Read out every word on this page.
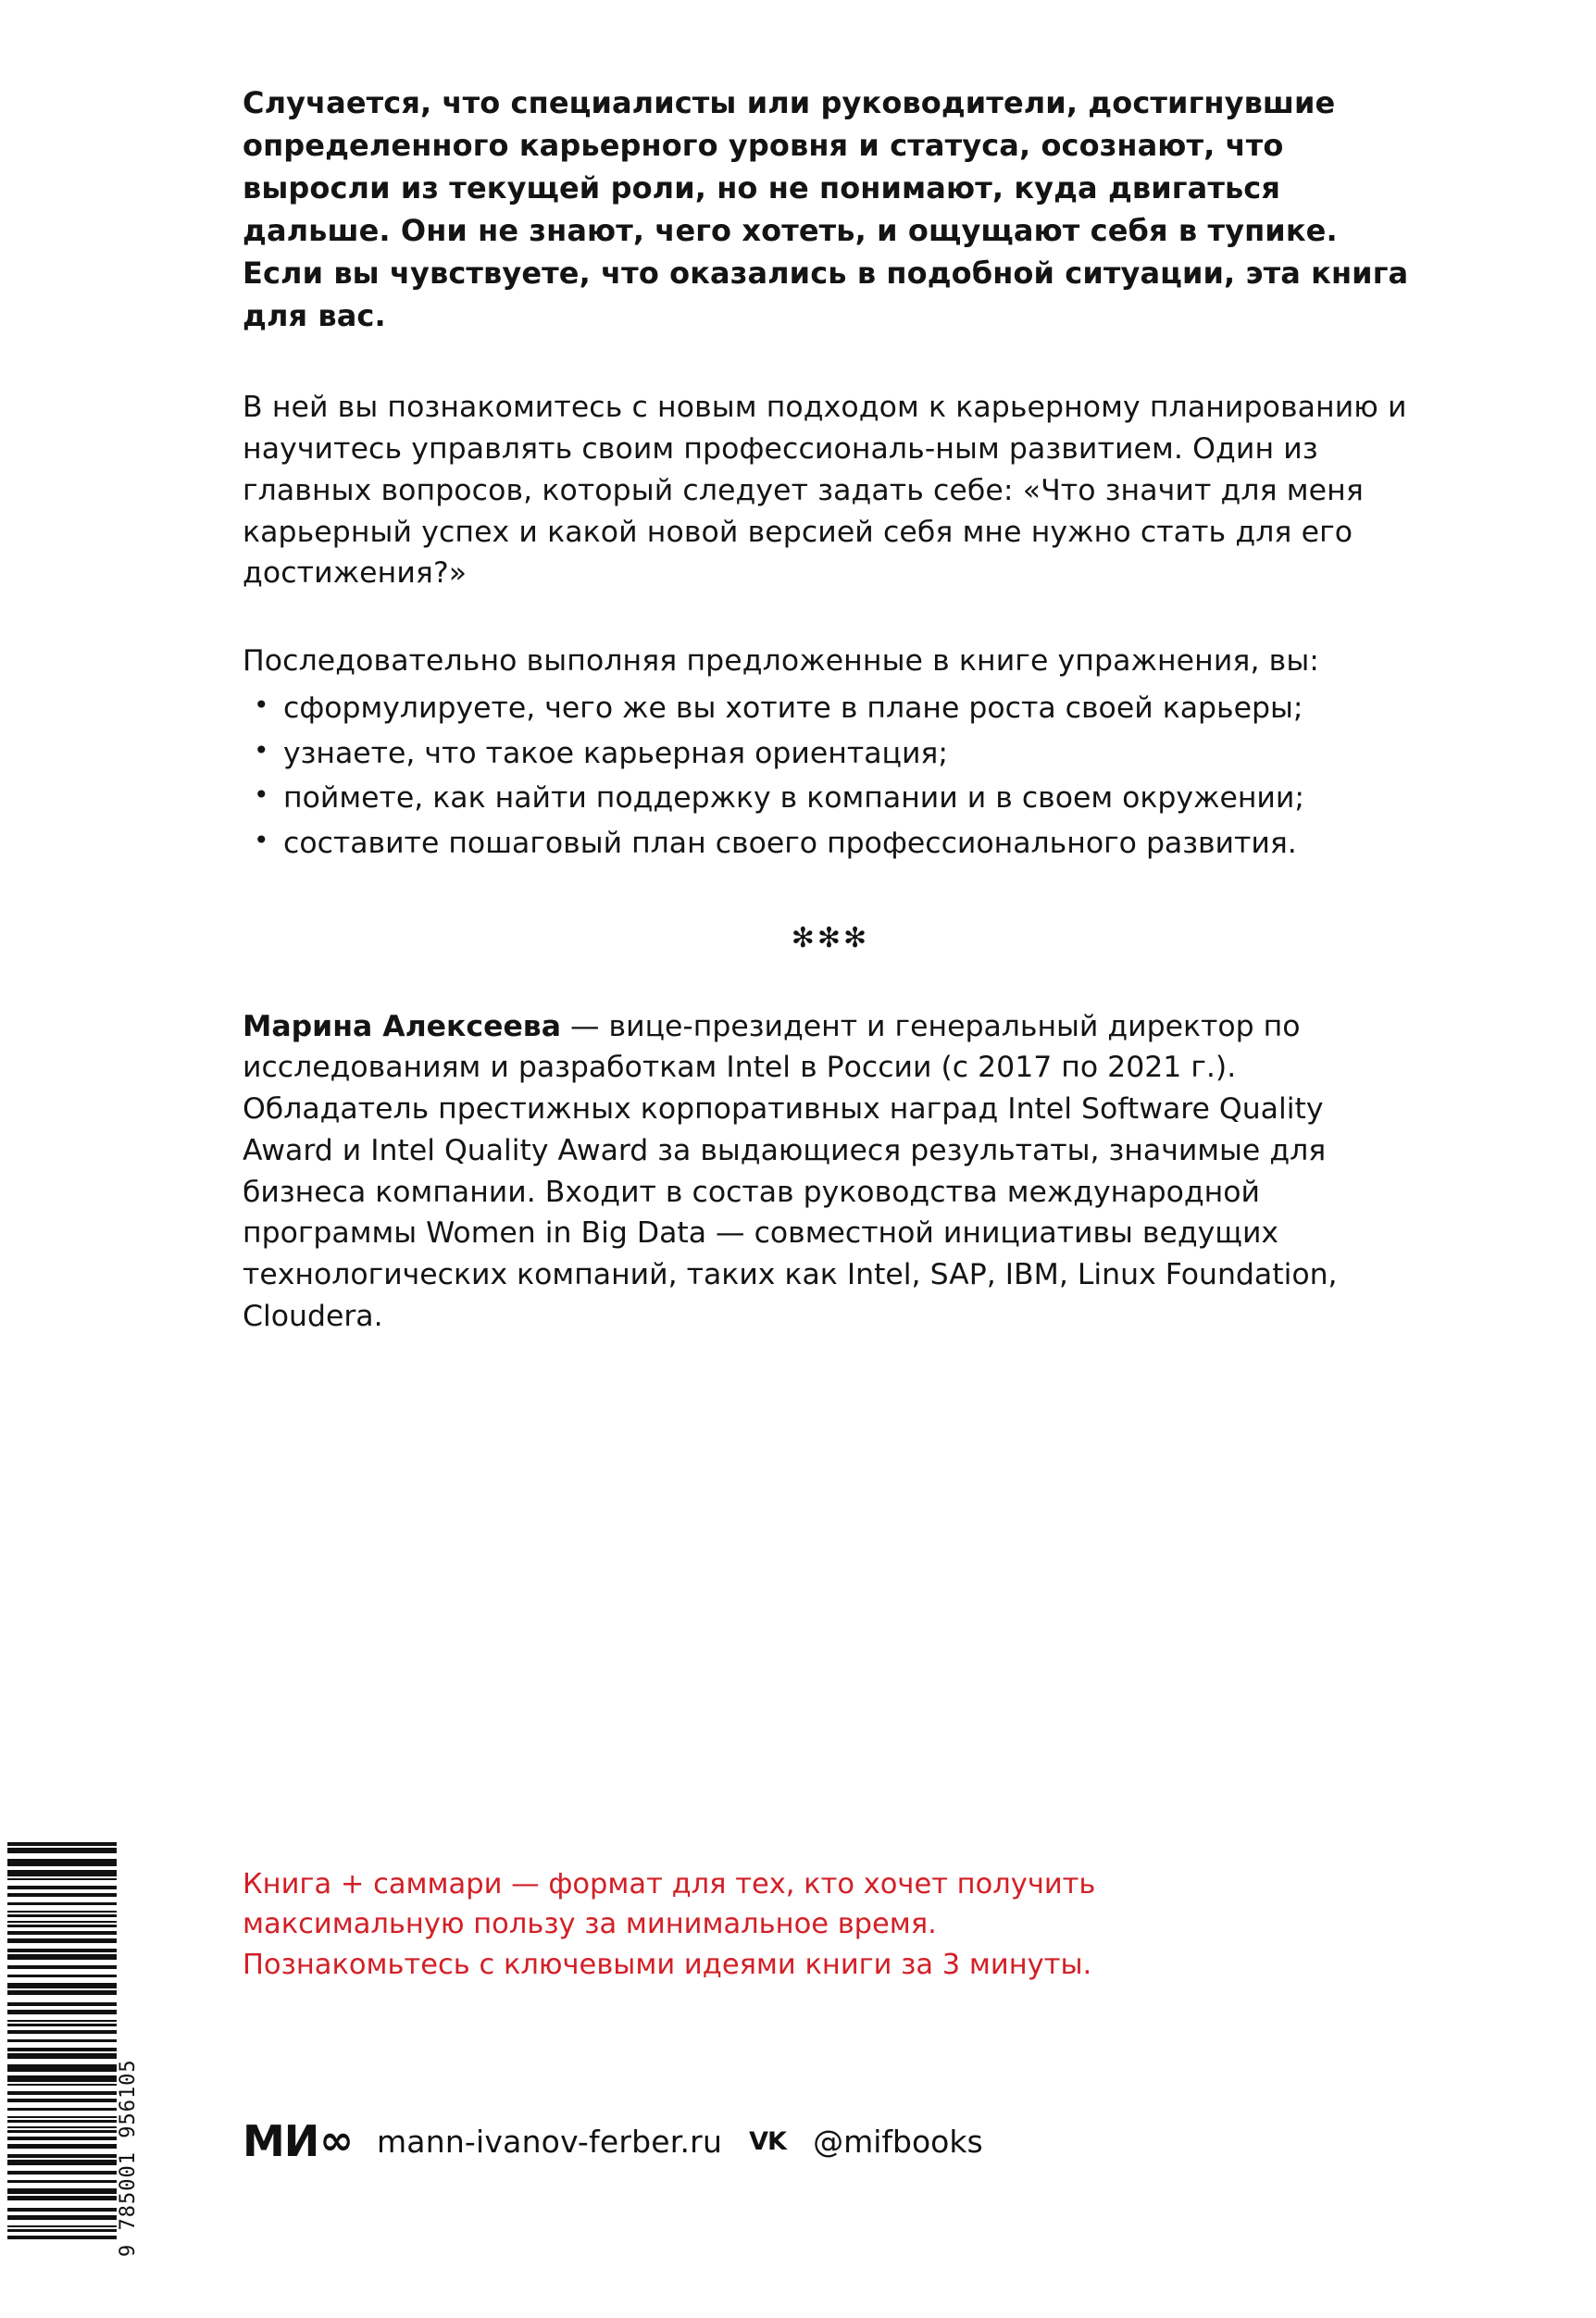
Случается, что специалисты или руководители, достигнувшие определенного карьерного уровня и статуса, осознают, что выросли из текущей роли, но не понимают, куда двигаться дальше. Они не знают, чего хотеть, и ощущают себя в тупике. Если вы чувствуете, что оказались в подобной ситуации, эта книга для вас.

В ней вы познакомитесь с новым подходом к карьерному планированию и научитесь управлять своим профессиональ-ным развитием. Один из главных вопросов, который следует задать себе: «Что значит для меня карьерный успех и какой новой версией себя мне нужно стать для его достижения?»

Последовательно выполняя предложенные в книге упражнения, вы:

• сформулируете, чего же вы хотите в плане роста своей карьеры;
• узнаете, что такое карьерная ориентация;
• поймете, как найти поддержку в компании и в своем окружении;
• составите пошаговый план своего профессионального развития.
✻✻✻

Марина Алексеева — вице-президент и генеральный директор по исследованиям и разработкам Intel в России (с 2017 по 2021 г.). Обладатель престижных корпоративных наград Intel Software Quality Award и Intel Quality Award за выдающиеся результаты, значимые для бизнеса компании. Входит в состав руководства международной программы Women in Big Data — совместной инициативы ведущих технологических компаний, таких как Intel, SAP, IBM, Linux Foundation, Cloudera.

Книга + саммари — формат для тех, кто хочет получить
максимальную пользу за минимальное время.
Познакомьтесь с ключевыми идеями книги за 3 минуты.
МИ ∞ mann-ivanov-ferber.ru VK @mifbooks
9 785001 956105
